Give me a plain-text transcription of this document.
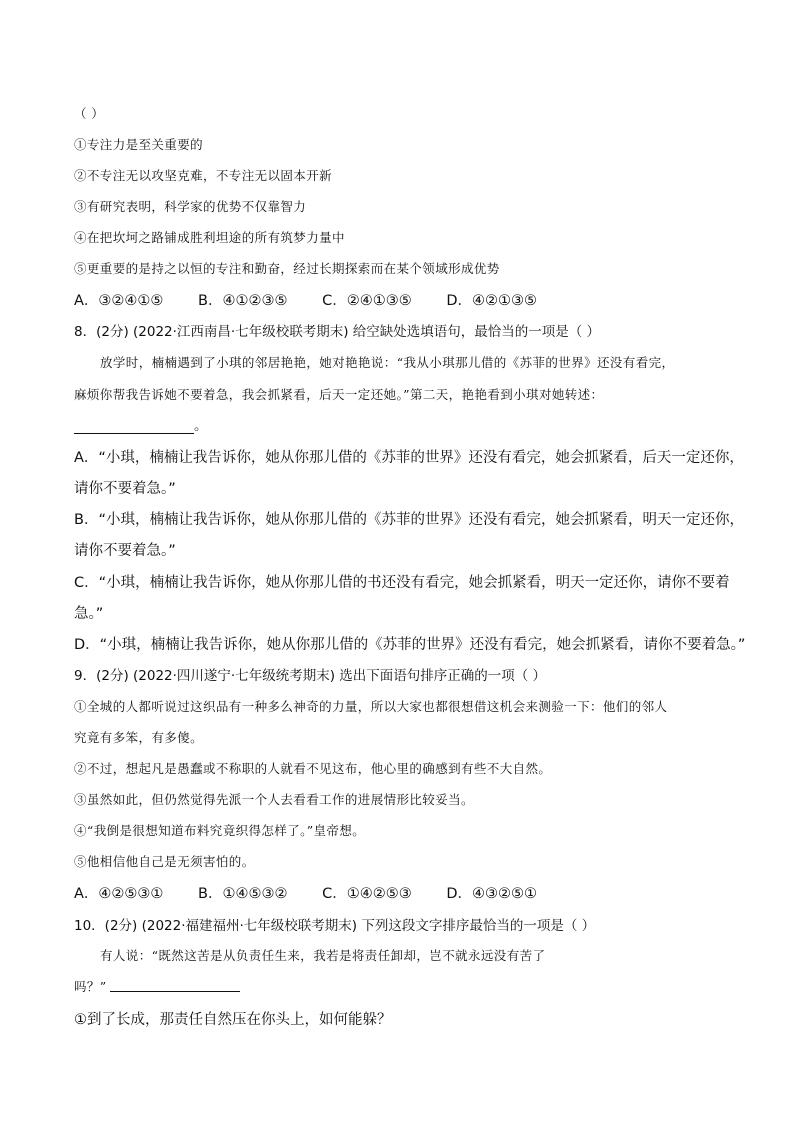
（ ）
①专注力是至关重要的
②不专注无以攻坚克难，不专注无以固本开新
③有研究表明，科学家的优势不仅靠智力
④在把坎坷之路铺成胜利坦途的所有筑梦力量中
⑤更重要的是持之以恒的专注和勤奋，经过长期探索而在某个领域形成优势
A．③②④①⑤ B．④①②③⑤ C．②④①③⑤ D．④②①③⑤
8．(2分) (2022·江西南昌·七年级校联考期末) 给空缺处选填语句，最恰当的一项是（ ）
放学时，楠楠遇到了小琪的邻居艳艳，她对艳艳说：“我从小琪那儿借的《苏菲的世界》还没有看完，
麻烦你帮我告诉她不要着急，我会抓紧看，后天一定还她。”第二天，艳艳看到小琪对她转述：
。
A．“小琪，楠楠让我告诉你，她从你那儿借的《苏菲的世界》还没有看完，她会抓紧看，后天一定还你，
请你不要着急。”
B．“小琪，楠楠让我告诉你，她从你那儿借的《苏菲的世界》还没有看完，她会抓紧看，明天一定还你，
请你不要着急。”
C．“小琪，楠楠让我告诉你，她从你那儿借的书还没有看完，她会抓紧看，明天一定还你，请你不要着
急。”
D．“小琪，楠楠让我告诉你，她从你那儿借的《苏菲的世界》还没有看完，她会抓紧看，请你不要着急。”
9．(2分) (2022·四川遂宁·七年级统考期末) 选出下面语句排序正确的一项（ ）
①全城的人都听说过这织品有一种多么神奇的力量，所以大家也都很想借这机会来测验一下：他们的邻人
究竟有多笨，有多傻。
②不过，想起凡是愚蠢或不称职的人就看不见这布，他心里的确感到有些不大自然。
③虽然如此，但仍然觉得先派一个人去看看工作的进展情形比较妥当。
④“我倒是很想知道布料究竟织得怎样了。”皇帝想。
⑤他相信他自己是无须害怕的。
A．④②⑤③① B．①④⑤③② C．①④②⑤③ D．④③②⑤①
10．(2分) (2022·福建福州·七年级校联考期末) 下列这段文字排序最恰当的一项是（ ）
有人说：“既然这苦是从负责任生来，我若是将责任卸却，岂不就永远没有苦了
吗？”
①到了长成，那责任自然压在你头上，如何能躲？
